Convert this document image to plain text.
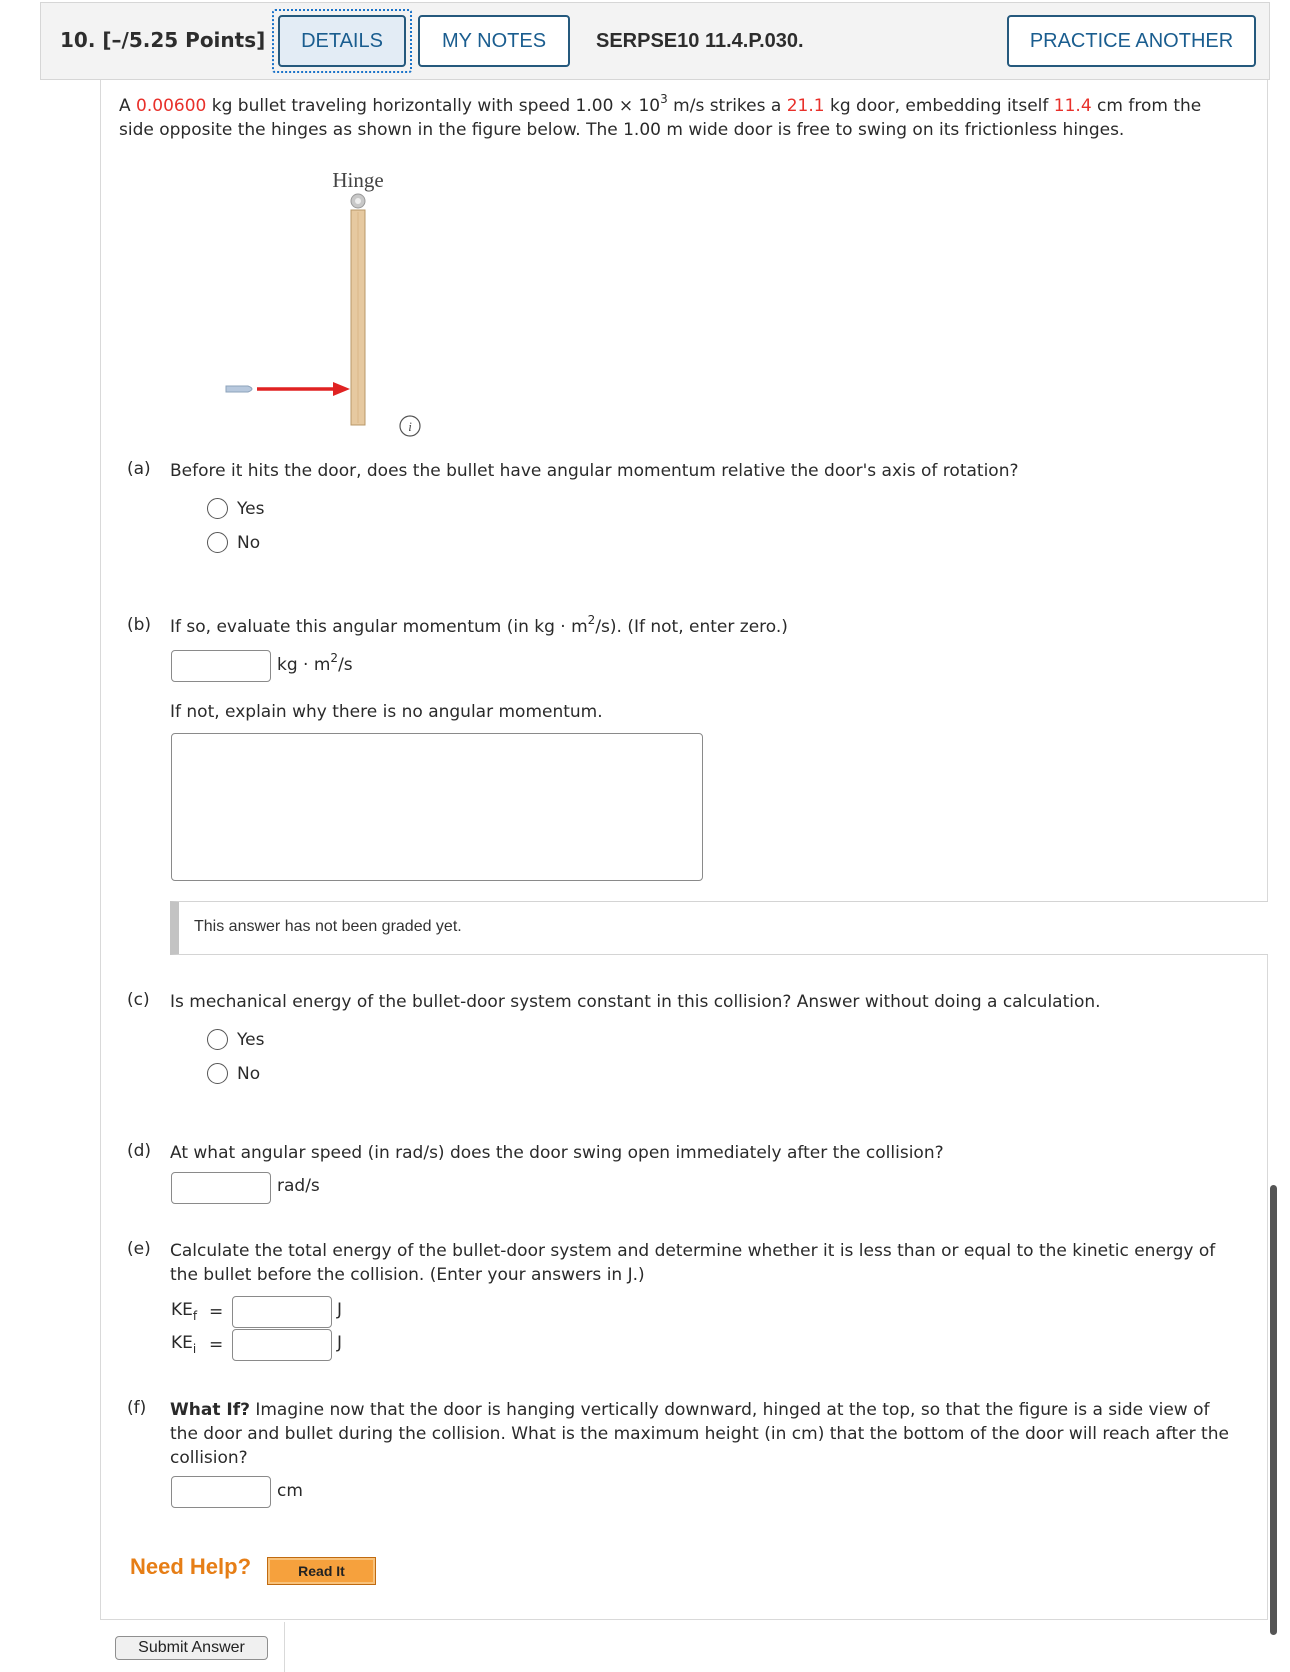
10. [–/5.25 Points]	DETAILS	MY NOTES	SERPSE10 11.4.P.030.	PRACTICE ANOTHER
A 0.00600 kg bullet traveling horizontally with speed $1.00 \times 10^3$ m/s strikes a 21.1 kg door, embedding itself 11.4 cm from the
side opposite the hinges as shown in the figure below. The 1.00 m wide door is free to swing on its frictionless hinges.
Hinge
i
(a) Before it hits the door, does the bullet have angular momentum relative the door's axis of rotation?
Yes
No
(b) If so, evaluate this angular momentum (in kg · $m^2/s$). (If not, enter zero.)
kg · $m^2/s$
If not, explain why there is no angular momentum.
This answer has not been graded yet.
(c) Is mechanical energy of the bullet-door system constant in this collision? Answer without doing a calculation.
Yes
No
(d) At what angular speed (in rad/s) does the door swing open immediately after the collision?
rad/s
(e) Calculate the total energy of the bullet-door system and determine whether it is less than or equal to the kinetic energy of
the bullet before the collision. (Enter your answers in J.)
$KE_f$ =	J
$KE_i$ =	J
(f) What If? Imagine now that the door is hanging vertically downward, hinged at the top, so that the figure is a side view of
the door and bullet during the collision. What is the maximum height (in cm) that the bottom of the door will reach after the
collision?
cm
Need Help?	Read It
Submit Answer
